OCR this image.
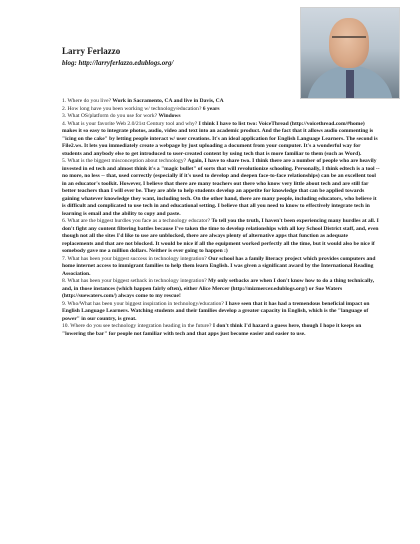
Larry Ferlazzo

blog: http://larryferlazzo.edublogs.org/

1. Where do you live? Work in Sacramento, CA and live in Davis, CA

2. How long have you been working w/ technology/education? 6 years

3. What OS/platform do you use for work? Windows

4. What is your favorite Web 2.0/21st Century tool and why? I think I have to list two: VoiceThread (http://voicethread.com/#home) makes it so easy to integrate photos, audio, video and text into an academic product. And the fact that it allows audio commenting is "icing on the cake" by letting people interact w/ user creations. It's an ideal application for English Language Learners. The second is File2.ws. It lets you immediately create a webpage by just uploading a document from your computer. It's a wonderful way for students and anybody else to get introduced to user-created content by using tech that is more familiar to them (such as Word).

5. What is the biggest misconception about technology? Again, I have to share two. I think there are a number of people who are heavily invested in ed tech and almost think it's a "magic bullet" of sorts that will revolutionize schooling. Personally, I think edtech is a tool -- no more, no less -- that, used correctly (especially if it's used to develop and deepen face-to-face relationships) can be an excellent tool in an educator's toolkit. However, I believe that there are many teachers out there who know very little about tech and are still far better teachers than I will ever be. They are able to help students develop an appetite for knowledge that can be applied towards gaining whatever knowledge they want, including tech. On the other hand, there are many people, including educators, who believe it is difficult and complicated to use tech in and educational setting. I believe that all you need to know to effectively integrate tech in learning is email and the ability to copy and paste.

6. What are the biggest hurdles you face as a technology educator? To tell you the truth, I haven't been experiencing many hurdles at all. I don't fight any content filtering battles because I've taken the time to develop relationships with all key School District staff, and, even though not all the sites I'd like to use are unblocked, there are always plenty of alternative apps that function as adequate replacements and that are not blocked. It would be nice if all the equipment worked perfectly all the time, but it would also be nice if somebody gave me a million dollars. Neither is ever going to happen :)

7. What has been your biggest success in technology integration? Our school has a family literacy project which provides computers and home internet access to immigrant families to help them learn English. I was given a significant award by the International Reading Association.

8. What has been your biggest setback in technology integration? My only setbacks are when I don't know how to do a thing technically, and, in those instances (which happen fairly often), either Alice Mercer (http://mizmercer.edublogs.org/) or Sue Waters (http://suewaters.com/) always come to my rescue!

9. Who/What has been your biggest inspiration in technology/education? I have seen that it has had a tremendous beneficial impact on English Language Learners. Watching students and their families develop a greater capacity in English, which is the "language of power" in our country, is great.

10. Where do you see technology integration heading in the future? I don't think I'd hazard a guess here, though I hope it keeps on "lowering the bar" for people not familiar with tech and that apps just become easier and easier to use.
